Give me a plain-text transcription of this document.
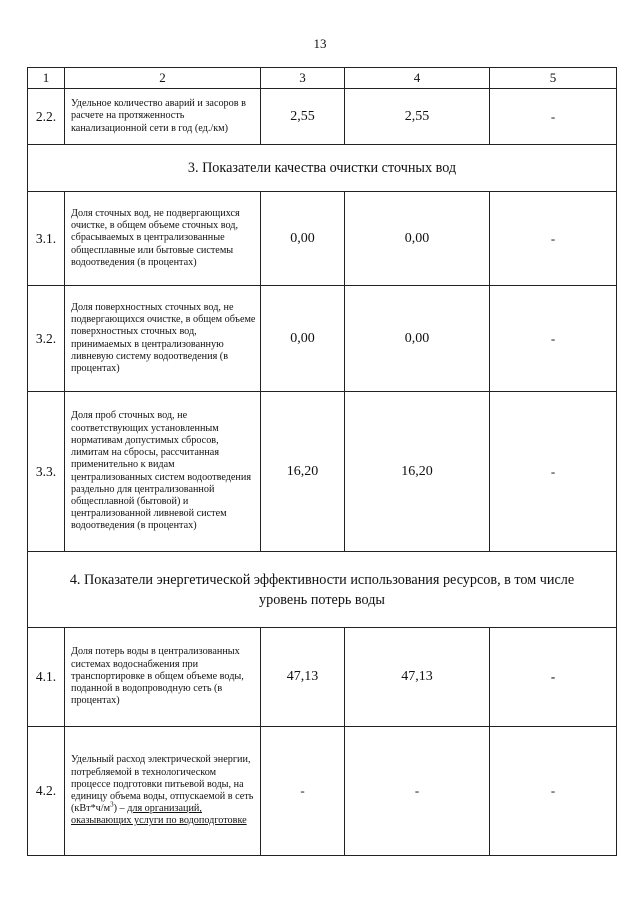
13
1	2	3	4	5
2.2.	Удельное количество аварий и засоров в расчете на протяженность канализационной сети в год (ед./км)	2,55	2,55	-
3. Показатели качества очистки сточных вод				
3.1.	Доля сточных вод, не подвергающихся очистке, в общем объеме сточных вод, сбрасываемых в централизованные общесплавные или бытовые системы водоотведения (в процентах)	0,00	0,00	-
3.2.	Доля поверхностных сточных вод, не подвергающихся очистке, в общем объеме поверхностных сточных вод, принимаемых в централизованную ливневую систему водоотведения (в процентах)	0,00	0,00	-
3.3.	Доля проб сточных вод, не соответствующих установленным нормативам допустимых сбросов, лимитам на сбросы, рассчитанная применительно к видам централизованных систем водоотведения раздельно для централизованной общесплавной (бытовой) и централизованной ливневой систем водоотведения (в процентах)	16,20	16,20	-
4. Показатели энергетической эффективности использования ресурсов, в том числе уровень потерь воды				
4.1.	Доля потерь воды в централизованных системах водоснабжения при транспортировке в общем объеме воды, поданной в водопроводную сеть (в процентах)	47,13	47,13	-
4.2.	Удельный расход электрической энергии, потребляемой в технологическом процессе подготовки питьевой воды, на единицу объема воды, отпускаемой в сеть $(кВт*ч/м^3)$ – для организаций, оказывающих услуги по водоподготовке	-	-	-
